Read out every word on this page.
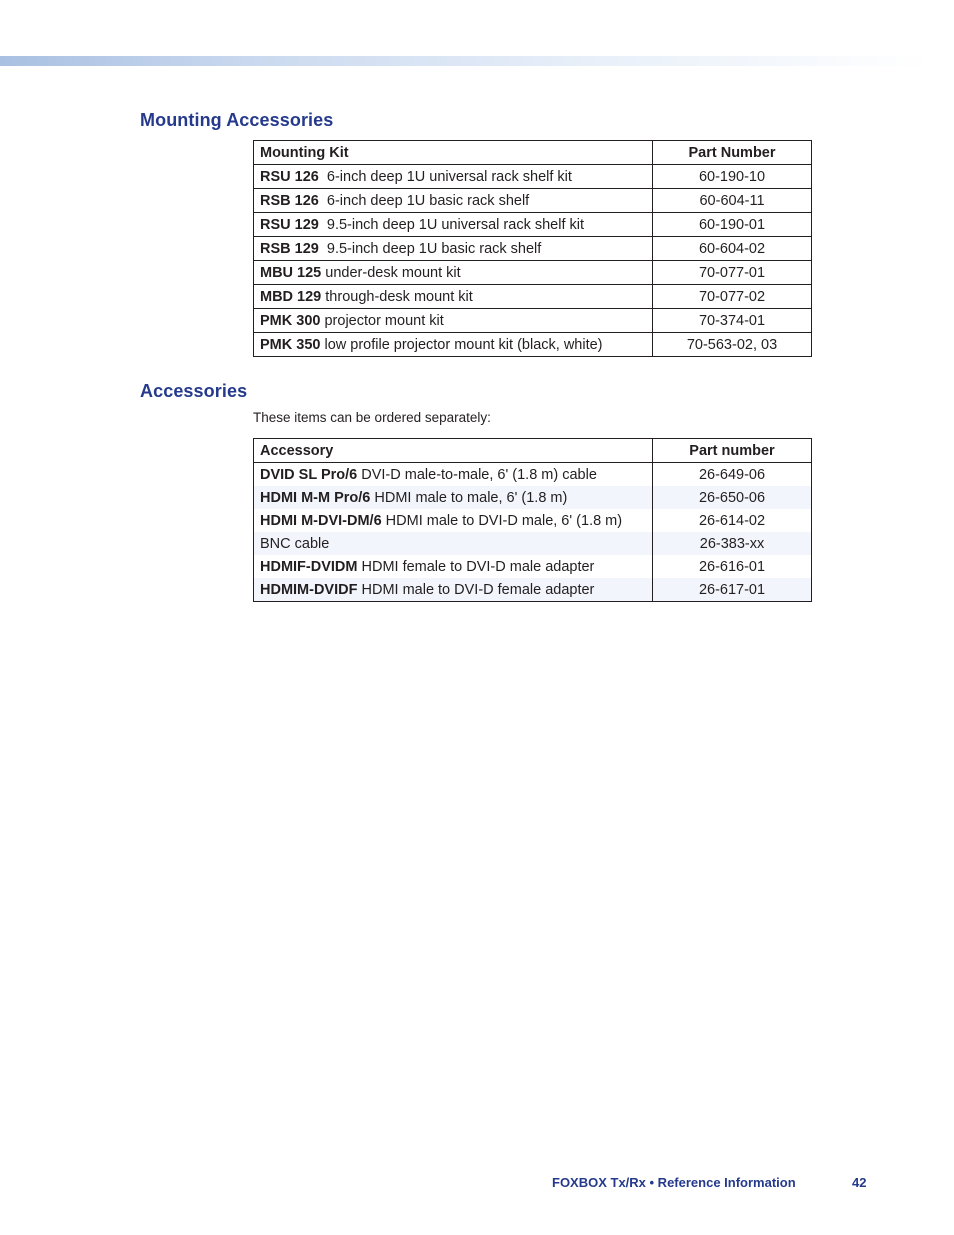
Mounting Accessories
Mounting Kit	Part Number
RSU 126  6-inch deep 1U universal rack shelf kit	60-190-10
RSB 126  6-inch deep 1U basic rack shelf	60-604-11
RSU 129  9.5-inch deep 1U universal rack shelf kit	60-190-01
RSB 129  9.5-inch deep 1U basic rack shelf	60-604-02
MBU 125 under-desk mount kit	70-077-01
MBD 129 through-desk mount kit	70-077-02
PMK 300 projector mount kit	70-374-01
PMK 350 low profile projector mount kit (black, white)	70-563-02, 03
Accessories

These items can be ordered separately:

Accessory	Part number
DVID SL Pro/6 DVI-D male-to-male, 6' (1.8 m) cable	26-649-06
HDMI M-M Pro/6 HDMI male to male, 6' (1.8 m)	26-650-06
HDMI M-DVI-DM/6 HDMI male to DVI-D male, 6' (1.8 m)	26-614-02
BNC cable	26-383-xx
HDMIF-DVIDM HDMI female to DVI-D male adapter	26-616-01
HDMIM-DVIDF HDMI male to DVI-D female adapter	26-617-01
FOXBOX Tx/Rx • Reference Information	42
